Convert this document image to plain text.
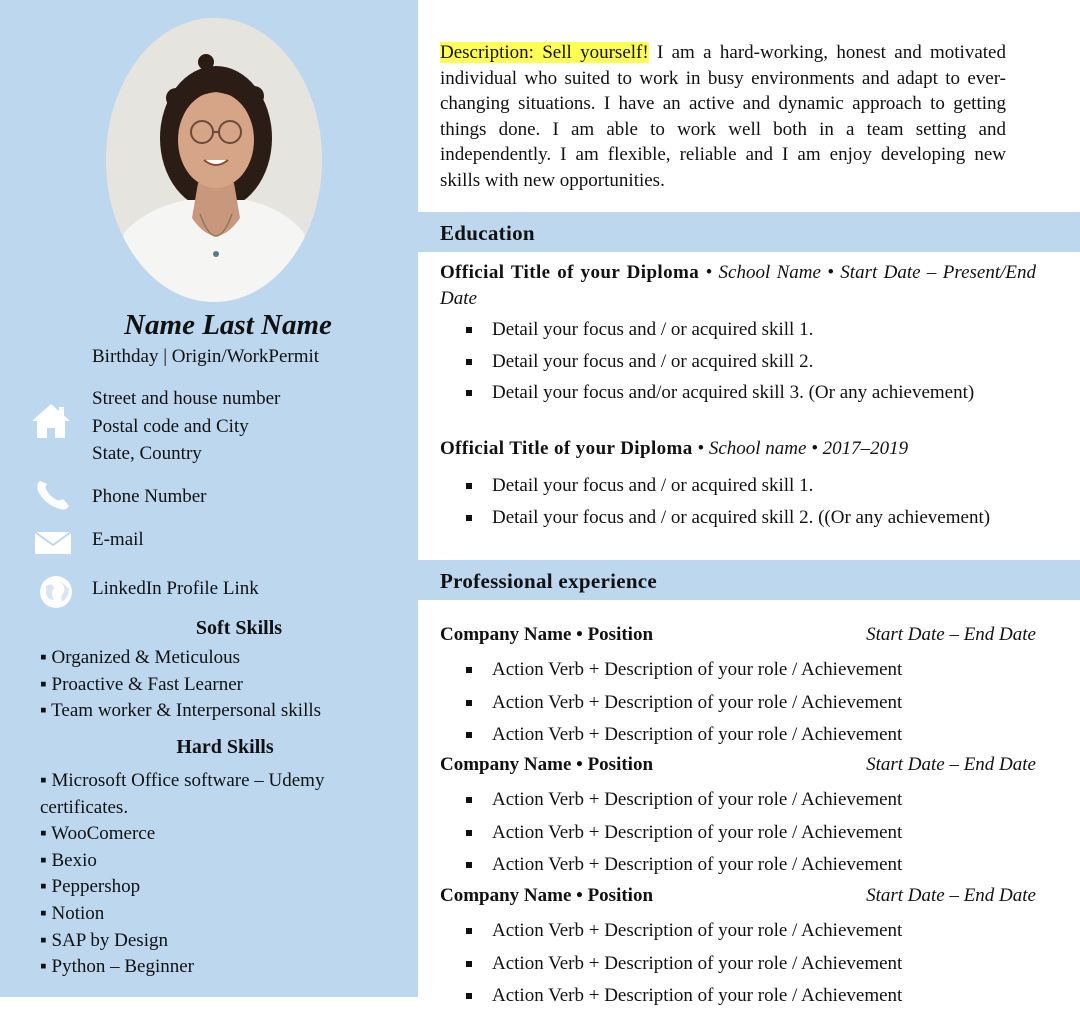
Name Last Name
Birthday | Origin/WorkPermit
Street and house number
Postal code and City
State, Country
Phone Number
E-mail
LinkedIn Profile Link
Soft Skills
▪ Organized & Meticulous
▪ Proactive & Fast Learner
▪ Team worker & Interpersonal skills
Hard Skills
▪ Microsoft Office software – Udemy
certificates.
▪ WooComerce
▪ Bexio
▪ Peppershop
▪ Notion
▪ SAP by Design
▪ Python – Beginner
Description: Sell yourself! I am a hard-working, honest and motivated individual who suited to work in busy environments and adapt to ever-changing situations. I have an active and dynamic approach to getting things done. I am able to work well both in a team setting and independently. I am flexible, reliable and I am enjoy developing new skills with new opportunities.
Education
Official Title of your Diploma • School Name • Start Date – Present/End Date
Detail your focus and / or acquired skill 1.
Detail your focus and / or acquired skill 2.
Detail your focus and/or acquired skill 3. (Or any achievement)
Official Title of your Diploma • School name • 2017–2019
Detail your focus and / or acquired skill 1.
Detail your focus and / or acquired skill 2. ((Or any achievement)
Professional experience
Company Name • Position	Start Date – End Date
Action Verb + Description of your role / Achievement
Action Verb + Description of your role / Achievement
Action Verb + Description of your role / Achievement
Company Name • Position	Start Date – End Date
Action Verb + Description of your role / Achievement
Action Verb + Description of your role / Achievement
Action Verb + Description of your role / Achievement
Company Name • Position	Start Date – End Date
Action Verb + Description of your role / Achievement
Action Verb + Description of your role / Achievement
Action Verb + Description of your role / Achievement
